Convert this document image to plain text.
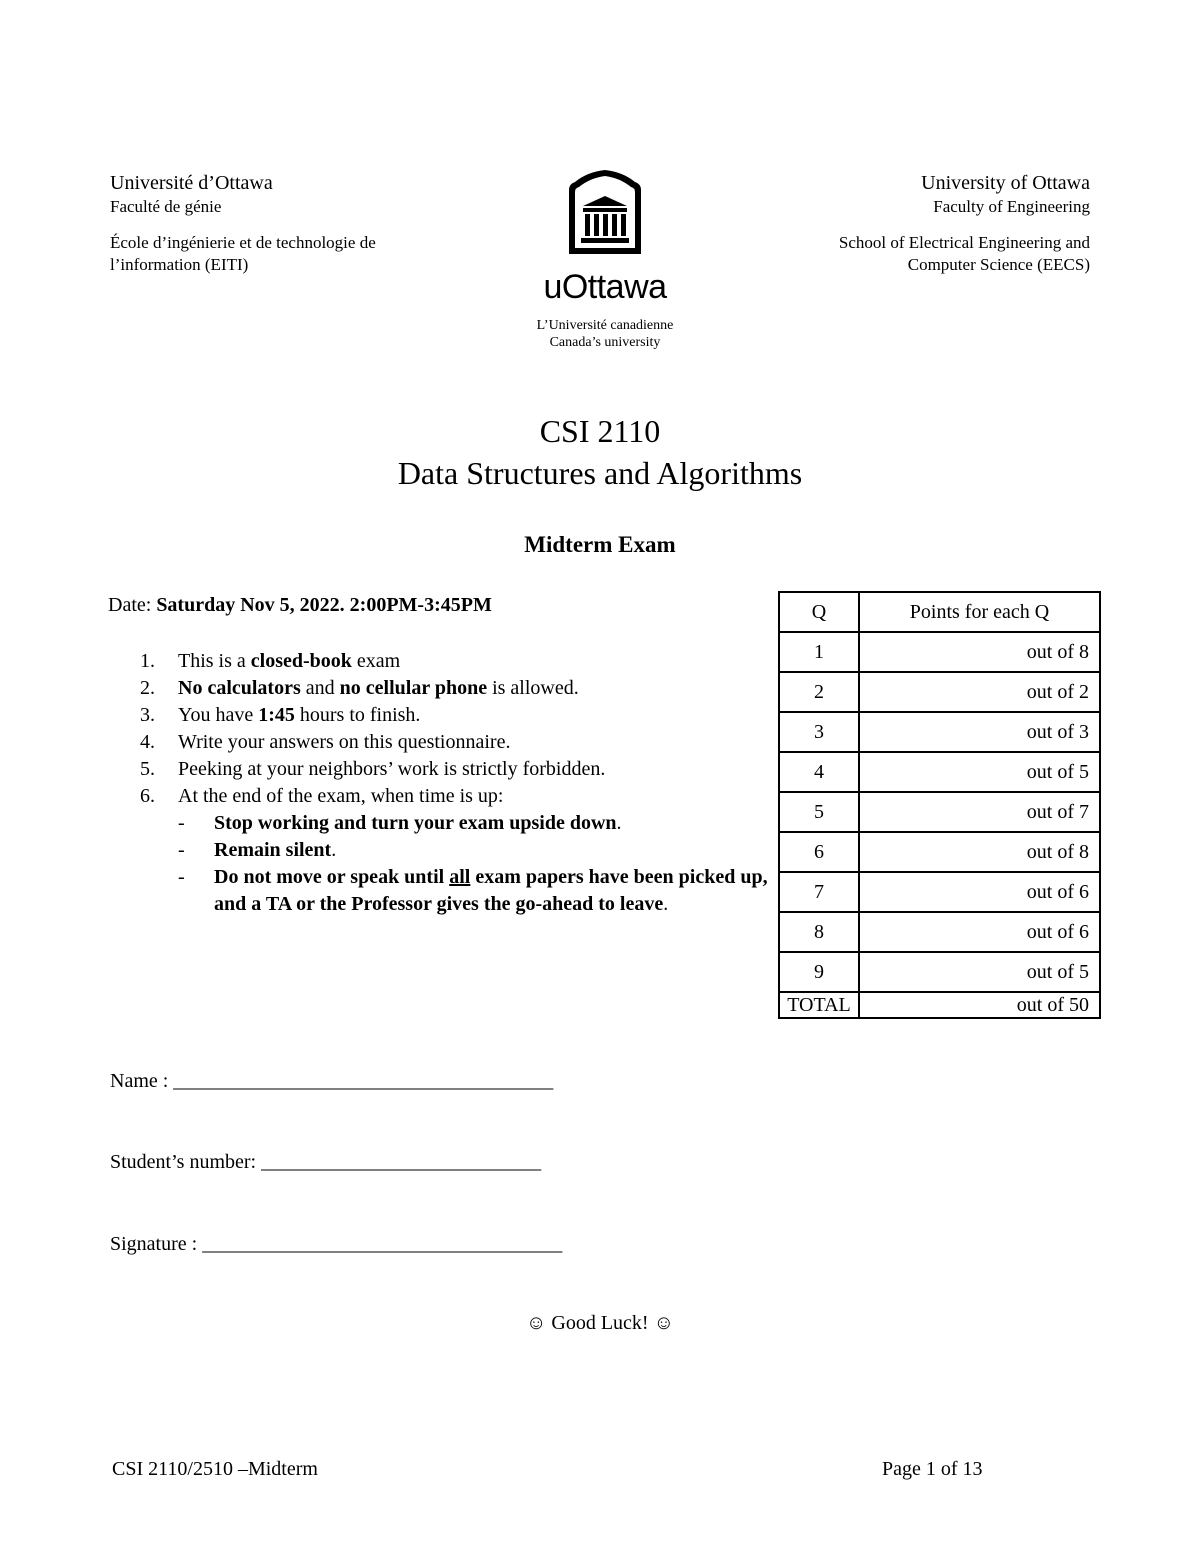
Université d’Ottawa
Faculté de génie
École d’ingénierie et de technologie de
l’information (EITI)
University of Ottawa
Faculty of Engineering
School of Electrical Engineering and
Computer Science (EECS)
uOttawa
L’Université canadienne
Canada’s university
CSI 2110
Data Structures and Algorithms
Midterm Exam
Date: Saturday Nov 5, 2022. 2:00PM-3:45PM
1.	This is a closed-book exam
2.	No calculators and no cellular phone is allowed.
3.	You have 1:45 hours to finish.
4.	Write your answers on this questionnaire.
5.	Peeking at your neighbors’ work is strictly forbidden.
6.	At the end of the exam, when time is up:
-	Stop working and turn your exam upside down.
-	Remain silent.
-	Do not move or speak until all exam papers have been picked up, and a TA or the Professor gives the go-ahead to leave.
Q	Points for each Q
1	out of 8
2	out of 2
3	out of 3
4	out of 5
5	out of 7
6	out of 8
7	out of 6
8	out of 6
9	out of 5
TOTAL	out of 50
Name : ______________________________________
Student’s number: ____________________________
Signature : ____________________________________
☺ Good Luck! ☺
CSI 2110/2510 –Midterm	Page 1 of 13
